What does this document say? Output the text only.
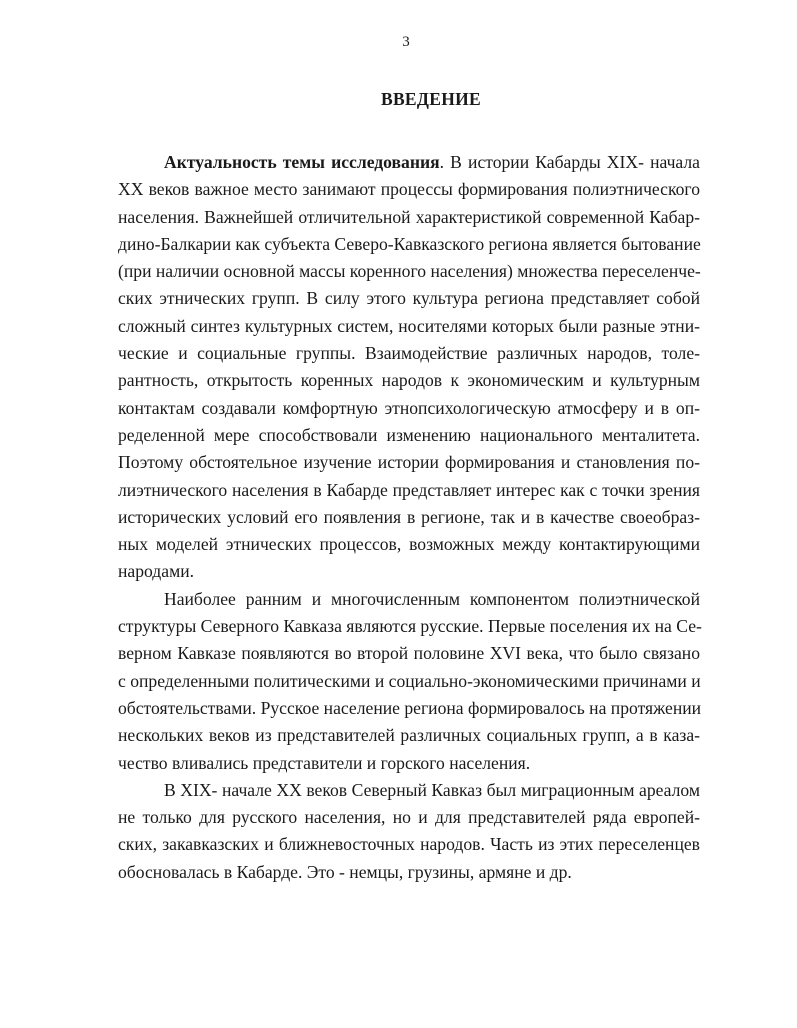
3
ВВЕДЕНИЕ
Актуальность темы исследования. В истории Кабарды XIX- начала
XX веков важное место занимают процессы формирования полиэтнического
населения. Важнейшей отличительной характеристикой современной Кабар-
дино-Балкарии как субъекта Северо-Кавказского региона является бытование
(при наличии основной массы коренного населения) множества переселенче-
ских этнических групп. В силу этого культура региона представляет собой
сложный синтез культурных систем, носителями которых были разные этни-
ческие и социальные группы. Взаимодействие различных народов, толе-
рантность, открытость коренных народов к экономическим и культурным
контактам создавали комфортную этнопсихологическую атмосферу и в оп-
ределенной мере способствовали изменению национального менталитета.
Поэтому обстоятельное изучение истории формирования и становления по-
лиэтнического населения в Кабарде представляет интерес как с точки зрения
исторических условий его появления в регионе, так и в качестве своеобраз-
ных моделей этнических процессов, возможных между контактирующими
народами.
Наиболее ранним и многочисленным компонентом полиэтнической
структуры Северного Кавказа являются русские. Первые поселения их на Се-
верном Кавказе появляются во второй половине XVI века, что было связано
с определенными политическими и социально-экономическими причинами и
обстоятельствами. Русское население региона формировалось на протяжении
нескольких веков из представителей различных социальных групп, а в каза-
чество вливались представители и горского населения.
В XIX- начале XX веков Северный Кавказ был миграционным ареалом
не только для русского населения, но и для представителей ряда европей-
ских, закавказских и ближневосточных народов. Часть из этих переселенцев
обосновалась в Кабарде. Это - немцы, грузины, армяне и др.
